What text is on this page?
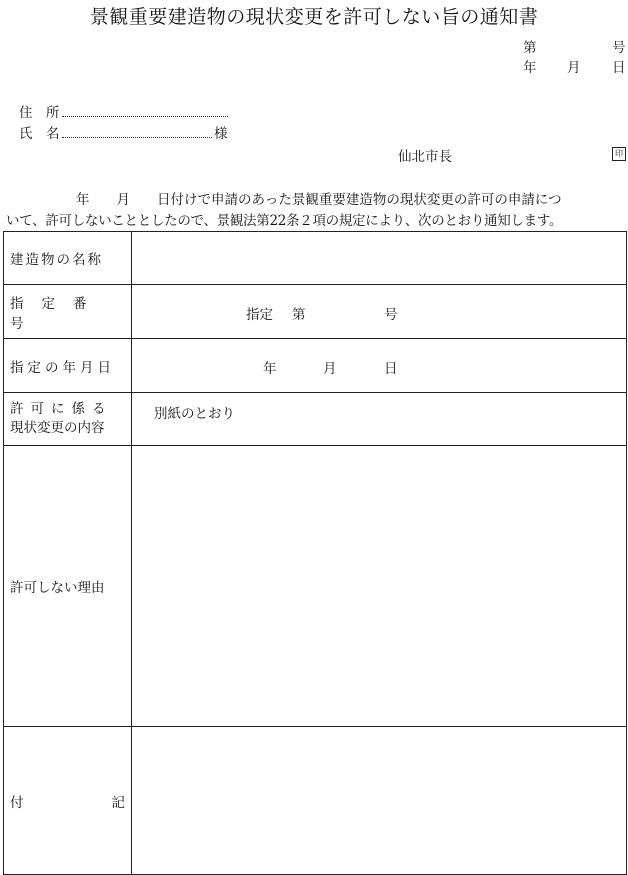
景観重要建造物の現状変更を許可しない旨の通知書
第	号
年 月 日
住　所
氏　名	様
仙北市長	印
年　　月　　日付けで申請のあった景観重要建造物の現状変更の許可の申請につ
いて、許可しないこととしたので、景観法第22条２項の規定により、次のとおり通知します。
建造物の名称	
指定番号	指定 第 号

指定の年月日	年 月 日

許可に係る
現状変更の内容	別紙のとおり

許可しない理由	

付 記	
